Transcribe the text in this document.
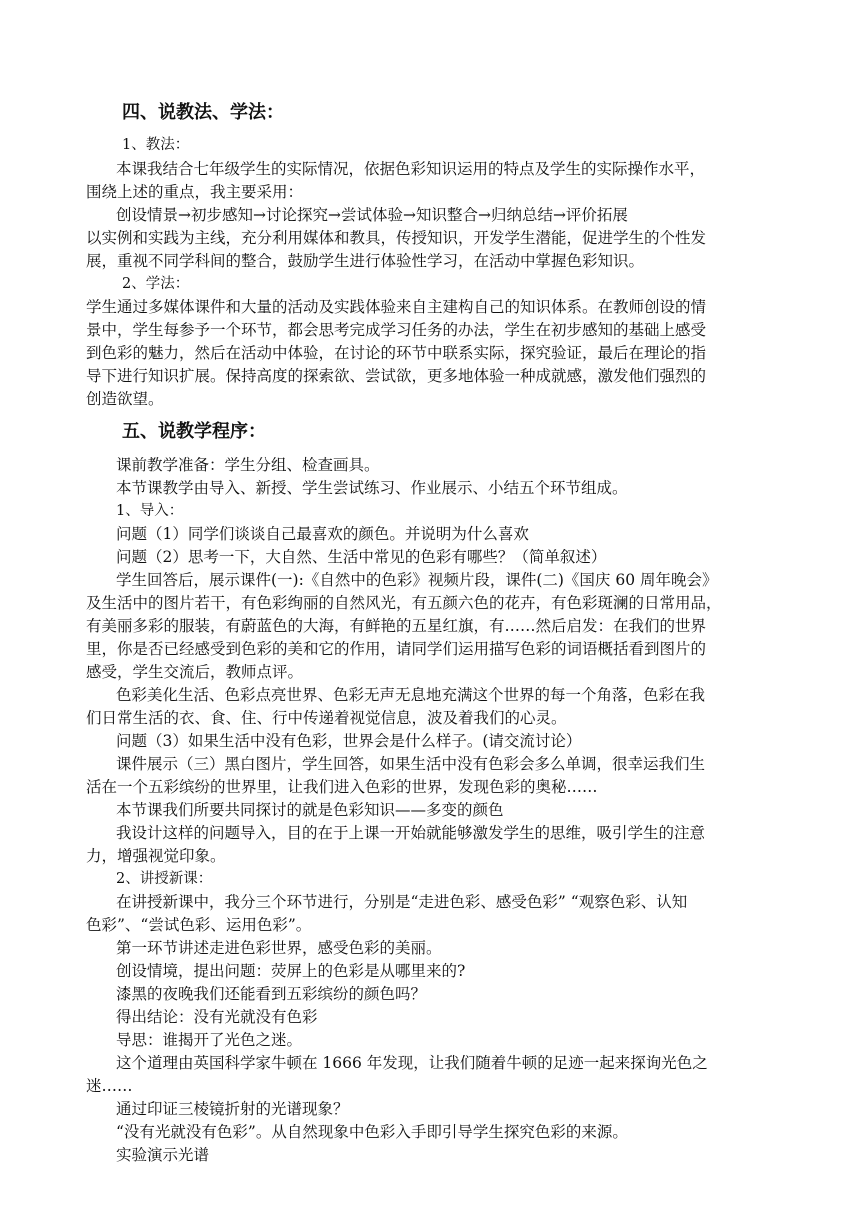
四、说教法、学法：
1、教法：
本课我结合七年级学生的实际情况，依据色彩知识运用的特点及学生的实际操作水平，
围绕上述的重点，我主要采用：
创设情景→初步感知→讨论探究→尝试体验→知识整合→归纳总结→评价拓展
以实例和实践为主线，充分利用媒体和教具，传授知识，开发学生潜能，促进学生的个性发
展，重视不同学科间的整合，鼓励学生进行体验性学习，在活动中掌握色彩知识。
2、学法：
学生通过多媒体课件和大量的活动及实践体验来自主建构自己的知识体系。在教师创设的情
景中，学生每参予一个环节，都会思考完成学习任务的办法，学生在初步感知的基础上感受
到色彩的魅力，然后在活动中体验，在讨论的环节中联系实际，探究验证，最后在理论的指
导下进行知识扩展。保持高度的探索欲、尝试欲，更多地体验一种成就感，激发他们强烈的
创造欲望。
五、说教学程序：
课前教学准备：学生分组、检查画具。
本节课教学由导入、新授、学生尝试练习、作业展示、小结五个环节组成。
1、导入：
问题（1）同学们谈谈自己最喜欢的颜色。并说明为什么喜欢
问题（2）思考一下，大自然、生活中常见的色彩有哪些？（简单叙述）
学生回答后，展示课件(一):《自然中的色彩》视频片段，课件(二)《国庆 60 周年晚会》
及生活中的图片若干，有色彩绚丽的自然风光，有五颜六色的花卉，有色彩斑澜的日常用品，
有美丽多彩的服装，有蔚蓝色的大海，有鲜艳的五星红旗，有……然后启发：在我们的世界
里，你是否已经感受到色彩的美和它的作用，请同学们运用描写色彩的词语概括看到图片的
感受，学生交流后，教师点评。
色彩美化生活、色彩点亮世界、色彩无声无息地充满这个世界的每一个角落，色彩在我
们日常生活的衣、食、住、行中传递着视觉信息，波及着我们的心灵。
问题（3）如果生活中没有色彩，世界会是什么样子。(请交流讨论）
课件展示（三）黑白图片，学生回答，如果生活中没有色彩会多么单调，很幸运我们生
活在一个五彩缤纷的世界里，让我们进入色彩的世界，发现色彩的奥秘……
本节课我们所要共同探讨的就是色彩知识——多变的颜色
我设计这样的问题导入，目的在于上课一开始就能够激发学生的思维，吸引学生的注意
力，增强视觉印象。
2、讲授新课：
在讲授新课中，我分三个环节进行，分别是“走进色彩、感受色彩” “观察色彩、认知
色彩”、“尝试色彩、运用色彩”。
第一环节讲述走进色彩世界，感受色彩的美丽。
创设情境，提出问题：荧屏上的色彩是从哪里来的?
漆黑的夜晚我们还能看到五彩缤纷的颜色吗？
得出结论：没有光就没有色彩
导思：谁揭开了光色之迷。
这个道理由英国科学家牛顿在 1666 年发现，让我们随着牛顿的足迹一起来探询光色之
迷……
通过印证三棱镜折射的光谱现象？
“没有光就没有色彩”。从自然现象中色彩入手即引导学生探究色彩的来源。
实验演示光谱
